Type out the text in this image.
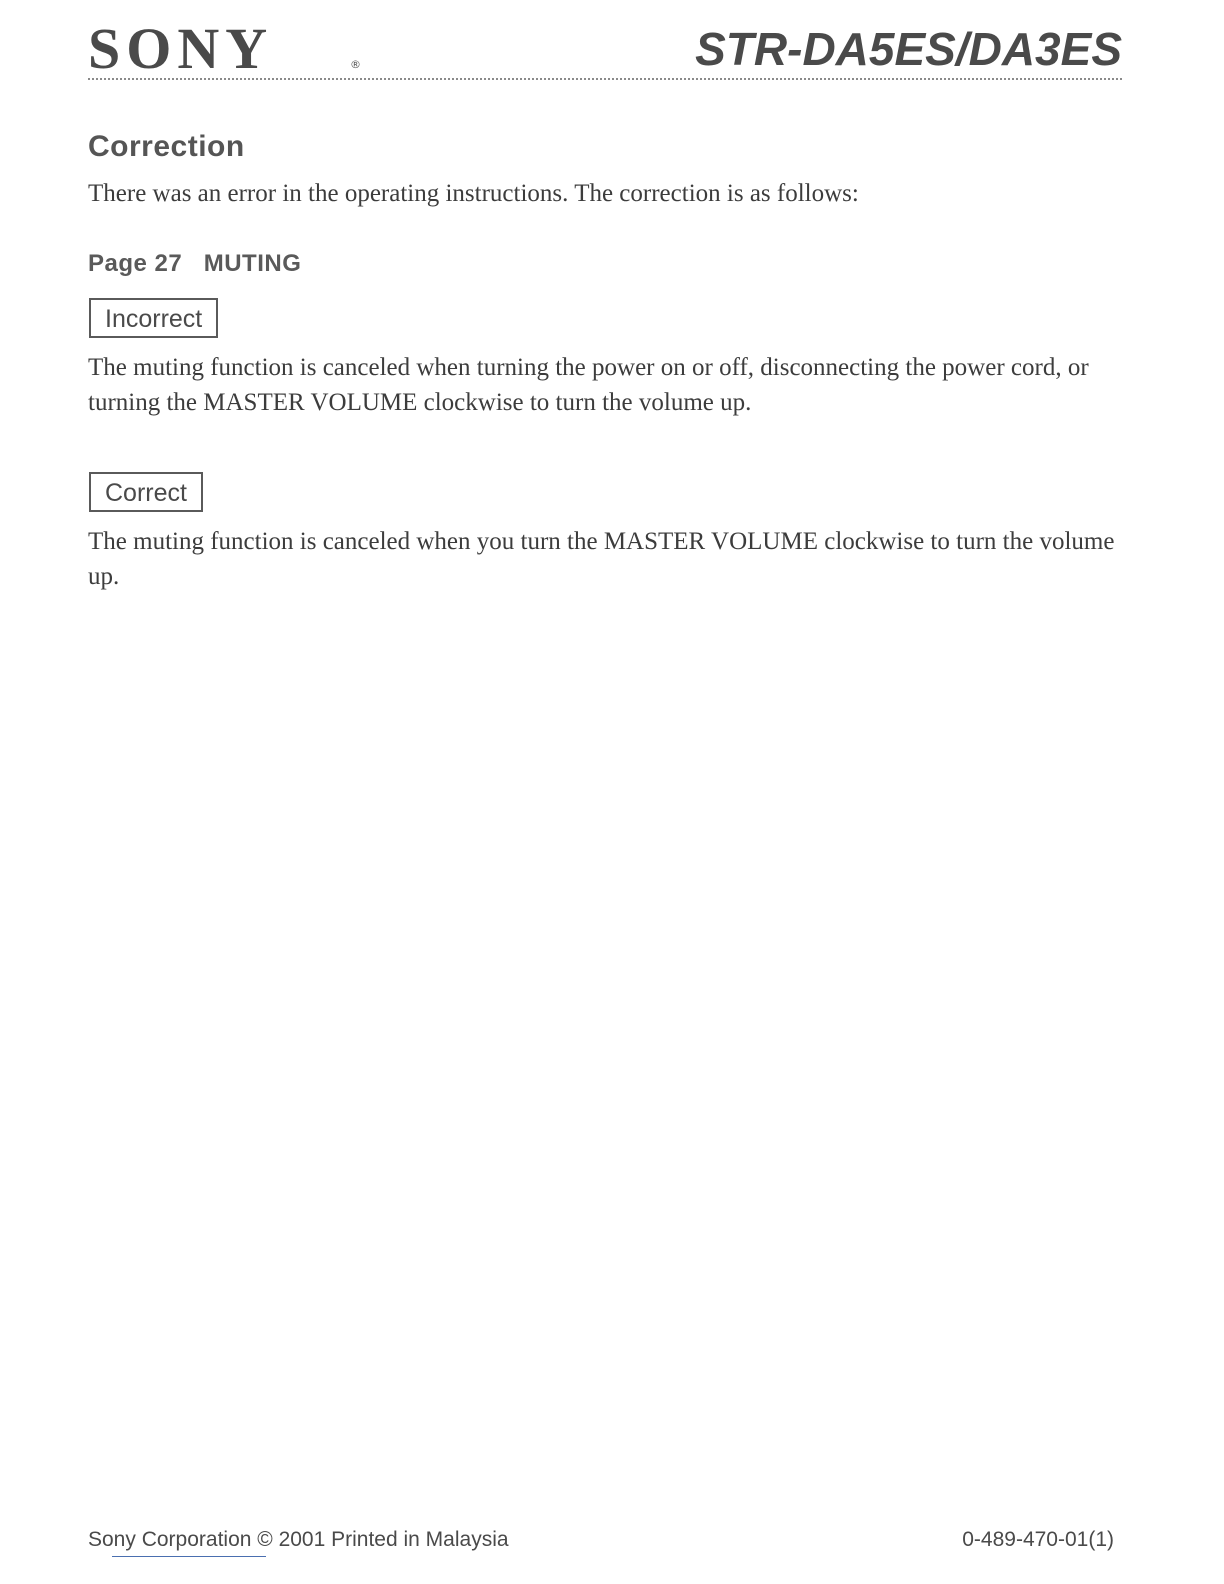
SONY	®	STR-DA5ES/DA3ES
Correction
There was an error in the operating instructions. The correction is as follows:
Page 27   MUTING
Incorrect
The muting function is canceled when turning the power on or off, disconnecting the power cord, or turning the MASTER VOLUME clockwise to turn the volume up.
Correct
The muting function is canceled when you turn the MASTER VOLUME clockwise to turn the volume up.
Sony Corporation © 2001 Printed in Malaysia	0-489-470-01(1)
